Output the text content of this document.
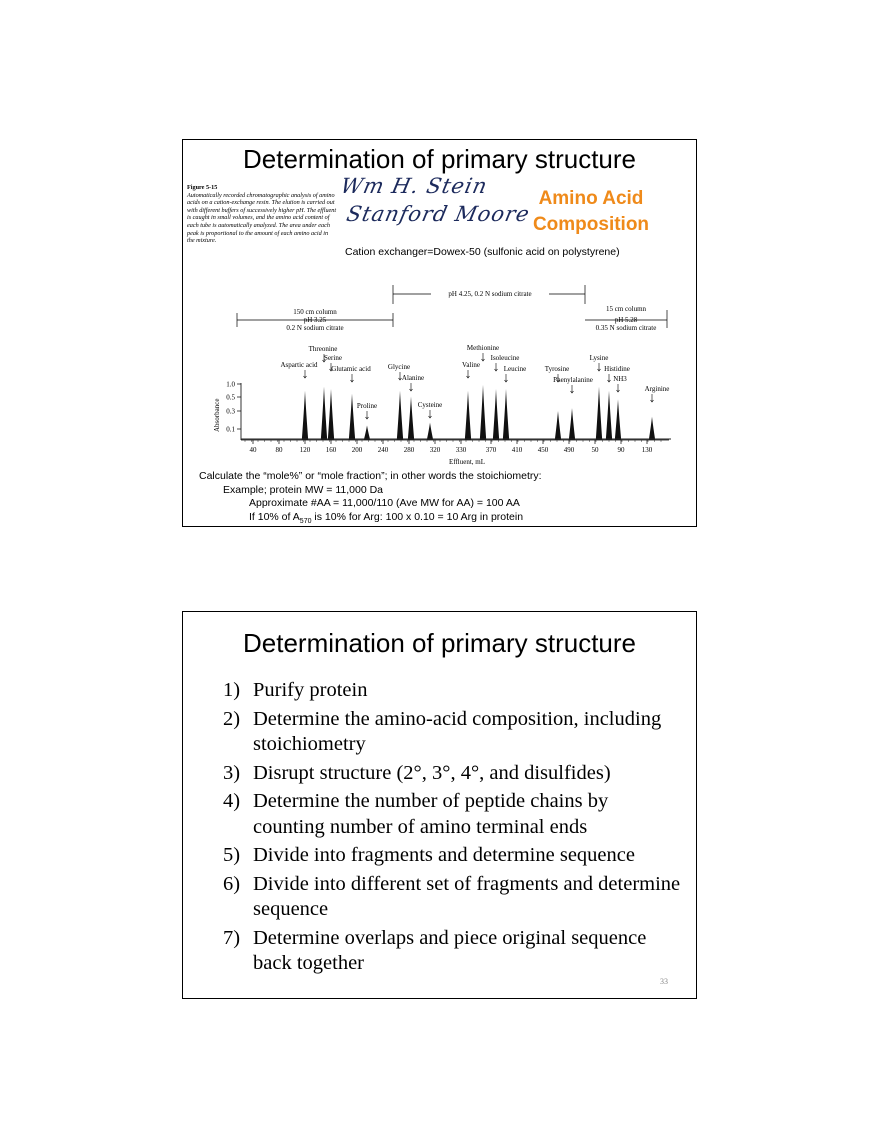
Determination of primary structure
Figure 5-15
Automatically recorded chromatographic analysis of amino acids on a cation-exchange resin. The elution is carried out with different buffers of successively higher pH. The effluent is caught in small volumes, and the amino acid content of each tube is automatically analyzed. The area under each peak is proportional to the amount of each amino acid in the mixture.
Wm H. Stein
Stanford Moore
Amino Acid
Composition
Cation exchanger=Dowex-50 (sulfonic acid on polystyrene)
150 cm column
pH 3.25
0.2 N sodium citrate
pH 4.25, 0.2 N sodium citrate
15 cm column
pH 5.28
0.35 N sodium citrate
Absorbance
Effluent, mL
1.0
0.5
0.3
0.1
40	80 120 160 200 240 280 320 330	370 410 450 490 50	90 130
Aspartic acid
Threonine
Serine
Glutamic acid
Proline
Glycine
Alanine
Cysteine
Valine
Methionine
Isoleucine
Leucine	Tyrosine
Phenylalanine
Lysine
Histidine
NH3
Arginine
Calculate the “mole%” or “mole fraction”; in other words the stoichiometry:
Example; protein MW = 11,000 Da
Approximate #AA = 11,000/110 (Ave MW for AA) = 100 AA
If 10% of $A_{570}$ is 10% for Arg: 100 x 0.10 = 10 Arg in protein
Determination of primary structure
1) Purify protein
2) Determine the amino-acid composition, including stoichiometry
3) Disrupt structure (2°, 3°, 4°, and disulfides)
4) Determine the number of peptide chains by counting number of amino terminal ends
5) Divide into fragments and determine sequence
6) Divide into different set of fragments and determine sequence
7) Determine overlaps and piece original sequence back together
33
